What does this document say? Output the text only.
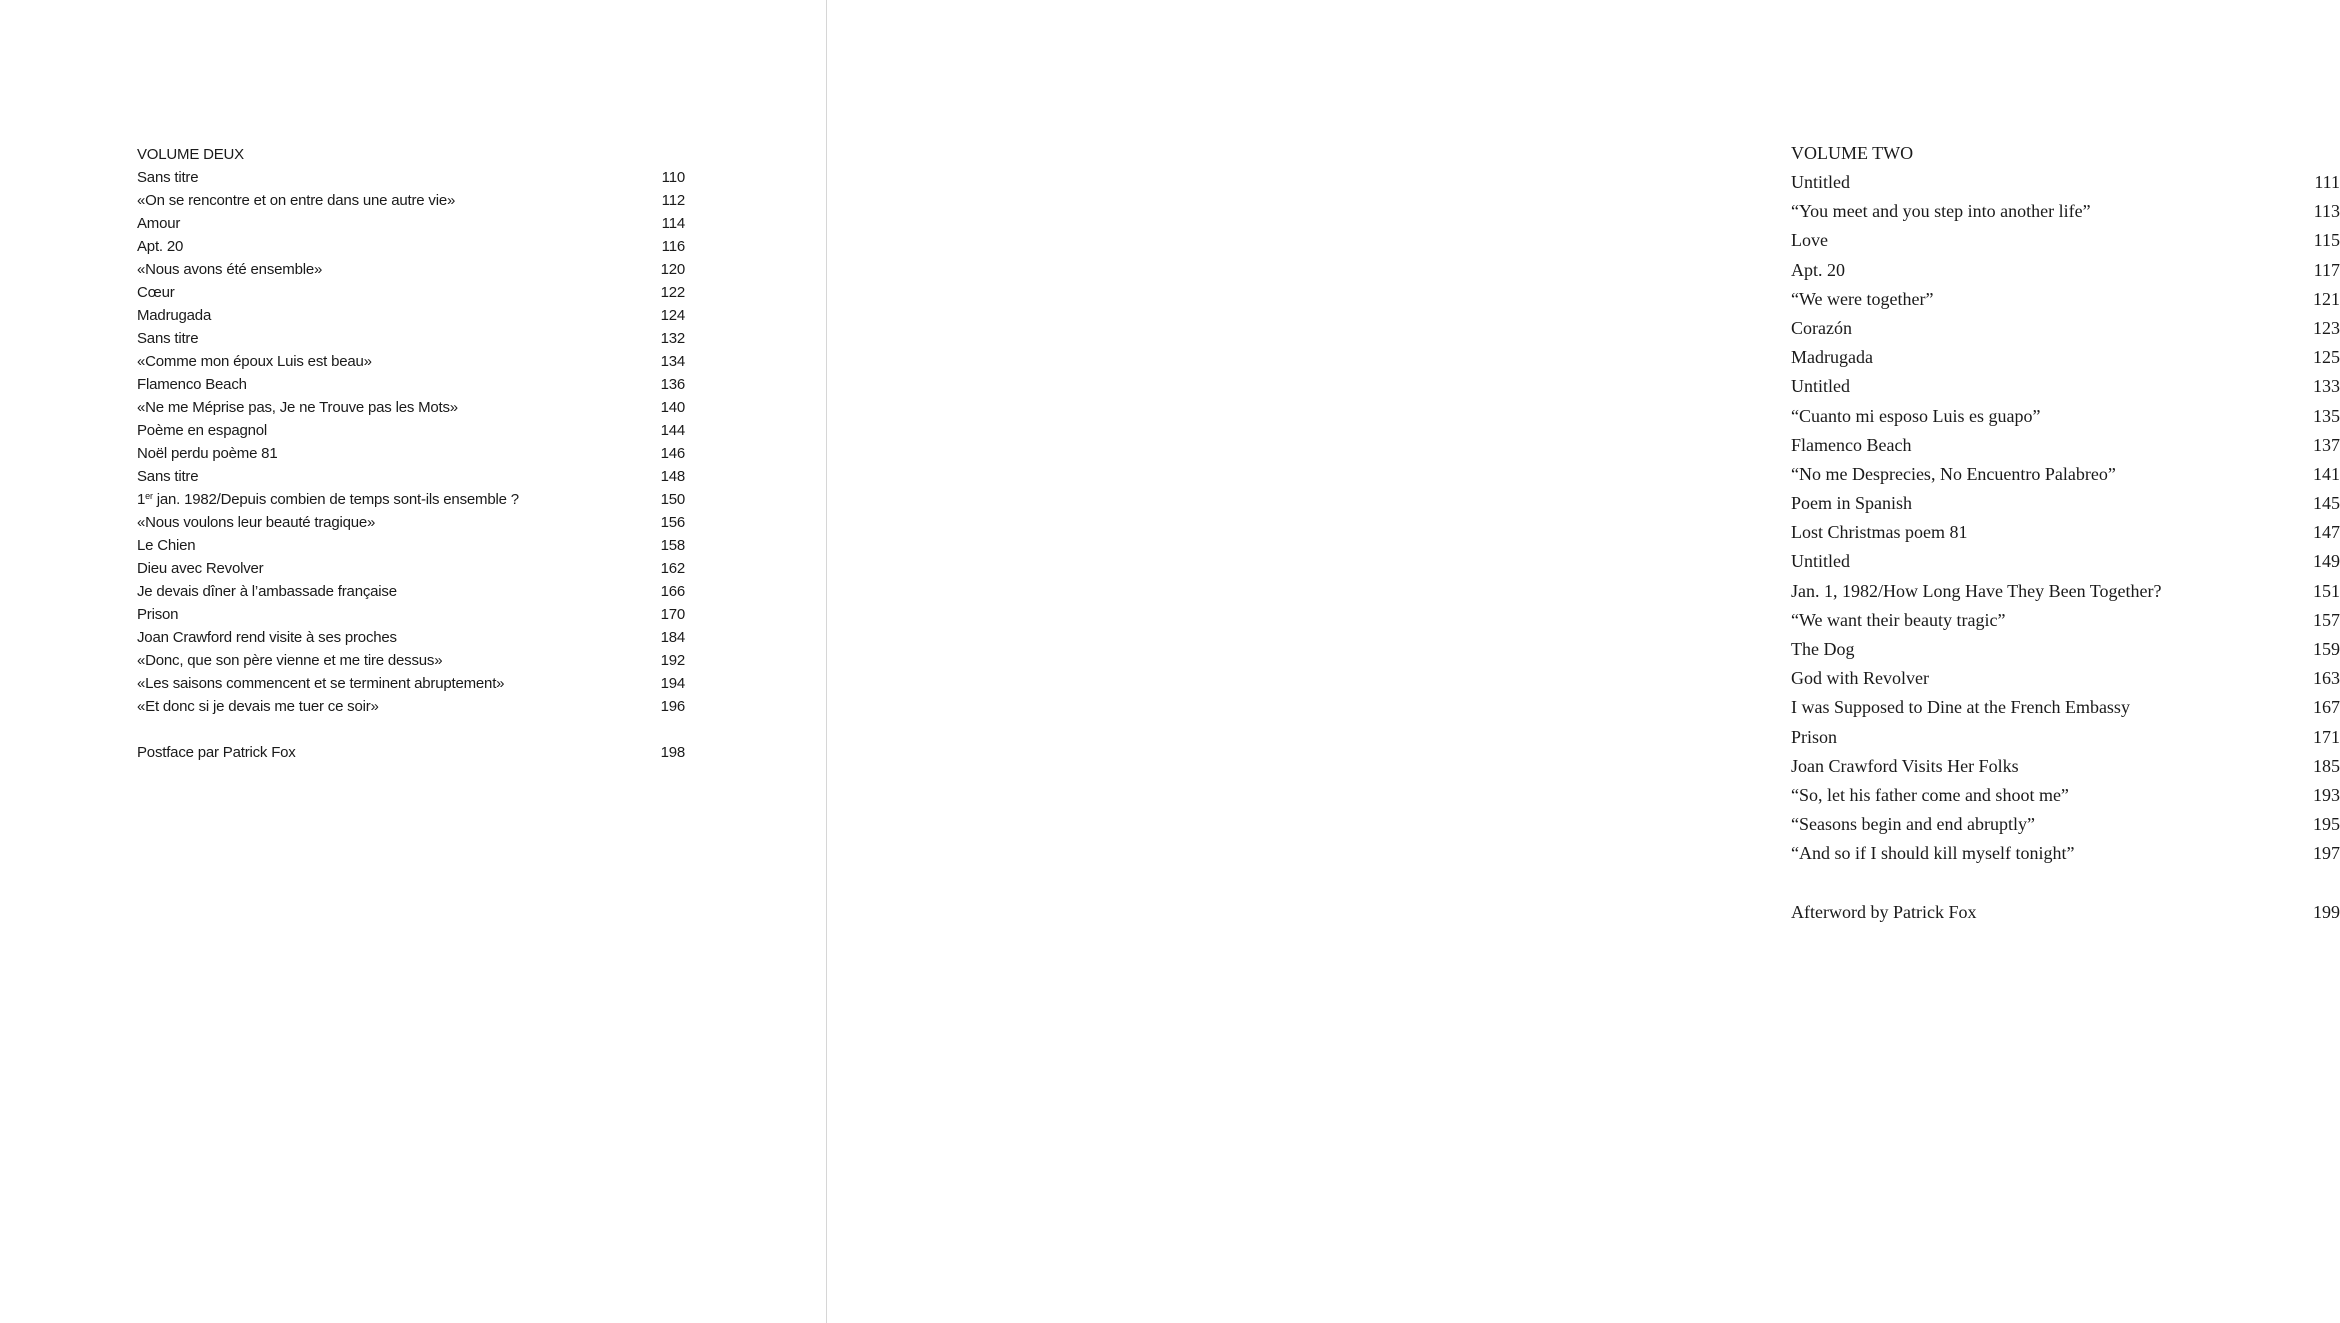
VOLUME DEUX
Sans titre	110
«On se rencontre et on entre dans une autre vie»	112
Amour	114
Apt. 20	116
«Nous avons été ensemble»	120
Cœur	122
Madrugada	124
Sans titre	132
«Comme mon époux Luis est beau»	134
Flamenco Beach	136
«Ne me Méprise pas, Je ne Trouve pas les Mots»	140
Poème en espagnol	144
Noël perdu poème 81	146
Sans titre	148
1er jan. 1982/Depuis combien de temps sont-ils ensemble ?	150
«Nous voulons leur beauté tragique»	156
Le Chien	158
Dieu avec Revolver	162
Je devais dîner à l’ambassade française	166
Prison	170
Joan Crawford rend visite à ses proches	184
«Donc, que son père vienne et me tire dessus»	192
«Les saisons commencent et se terminent abruptement»	194
«Et donc si je devais me tuer ce soir»	196
Postface par Patrick Fox	198
VOLUME TWO
Untitled	111
“You meet and you step into another life”	113
Love	115
Apt. 20	117
“We were together”	121
Corazón	123
Madrugada	125
Untitled	133
“Cuanto mi esposo Luis es guapo”	135
Flamenco Beach	137
“No me Desprecies, No Encuentro Palabreo”	141
Poem in Spanish	145
Lost Christmas poem 81	147
Untitled	149
Jan. 1, 1982/How Long Have They Been Together?	151
“We want their beauty tragic”	157
The Dog	159
God with Revolver	163
I was Supposed to Dine at the French Embassy	167
Prison	171
Joan Crawford Visits Her Folks	185
“So, let his father come and shoot me”	193
“Seasons begin and end abruptly”	195
“And so if I should kill myself tonight”	197
Afterword by Patrick Fox	199
